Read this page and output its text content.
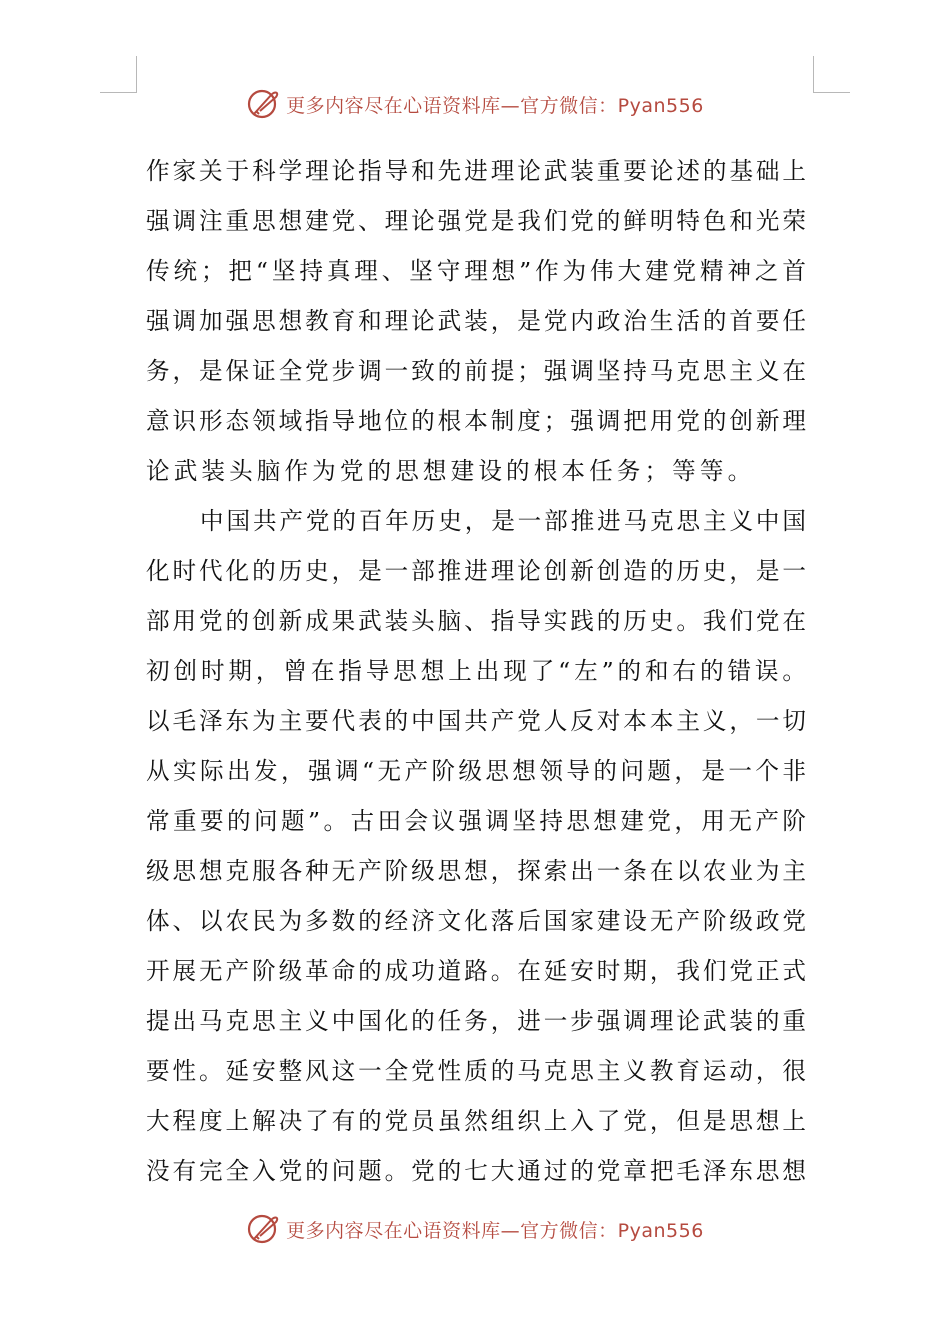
更多内容尽在心语资料库—官方微信：Pyan556
作家关于科学理论指导和先进理论武装重要论述的基础上
强调注重思想建党、理论强党是我们党的鲜明特色和光荣
传统；把“坚持真理、坚守理想”作为伟大建党精神之首
强调加强思想教育和理论武装，是党内政治生活的首要任
务，是保证全党步调一致的前提；强调坚持马克思主义在
意识形态领域指导地位的根本制度；强调把用党的创新理
论武装头脑作为党的思想建设的根本任务；等等。
中国共产党的百年历史，是一部推进马克思主义中国
化时代化的历史，是一部推进理论创新创造的历史，是一
部用党的创新成果武装头脑、指导实践的历史。我们党在
初创时期，曾在指导思想上出现了“左”的和右的错误。
以毛泽东为主要代表的中国共产党人反对本本主义，一切
从实际出发，强调“无产阶级思想领导的问题，是一个非
常重要的问题”。古田会议强调坚持思想建党，用无产阶
级思想克服各种无产阶级思想，探索出一条在以农业为主
体、以农民为多数的经济文化落后国家建设无产阶级政党
开展无产阶级革命的成功道路。在延安时期，我们党正式
提出马克思主义中国化的任务，进一步强调理论武装的重
要性。延安整风这一全党性质的马克思主义教育运动，很
大程度上解决了有的党员虽然组织上入了党，但是思想上
没有完全入党的问题。党的七大通过的党章把毛泽东思想
更多内容尽在心语资料库—官方微信：Pyan556
